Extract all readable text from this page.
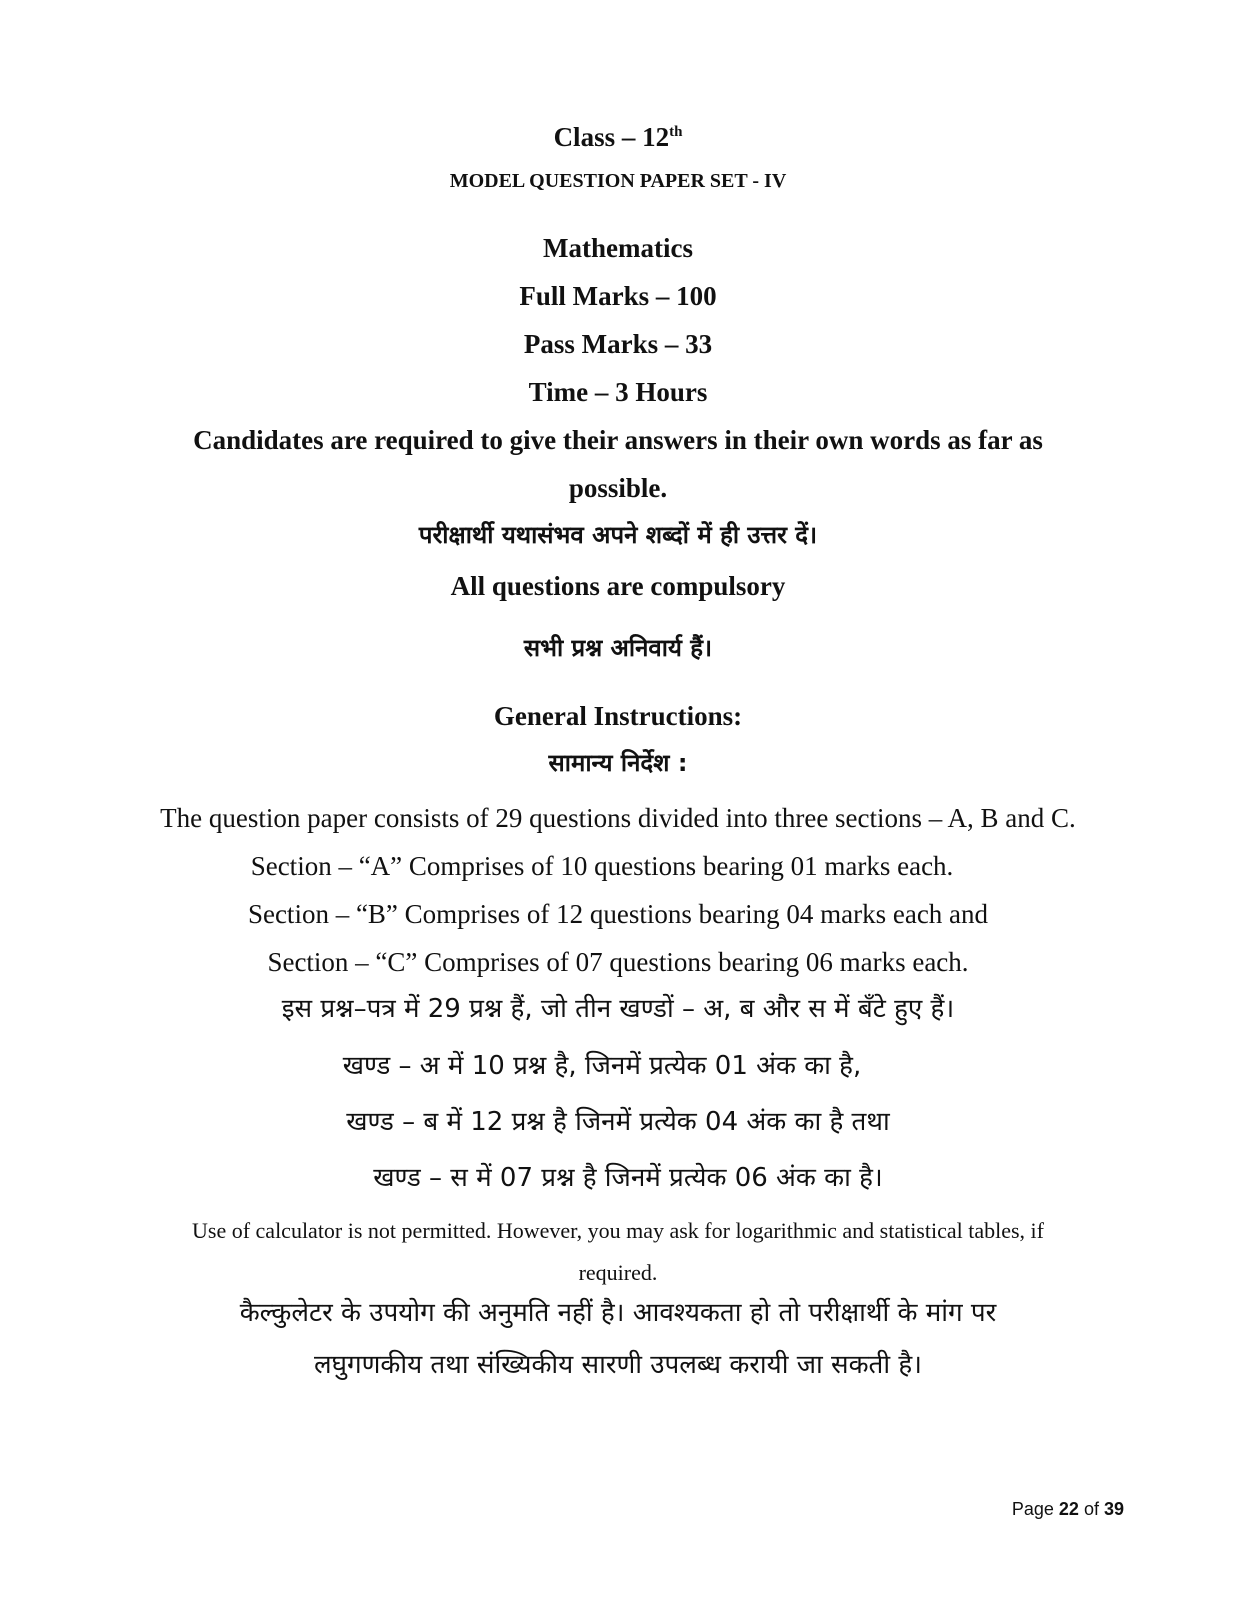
Class – 12th
MODEL QUESTION PAPER SET - IV
Mathematics
Full Marks – 100
Pass Marks – 33
Time – 3 Hours
Candidates are required to give their answers in their own words as far as
possible.
परीक्षार्थी यथासंभव अपने शब्दों में ही उत्तर दें।
All questions are compulsory
सभी प्रश्न अनिवार्य हैं।
General Instructions:
सामान्य निर्देश :
The question paper consists of 29 questions divided into three sections – A, B and C.
Section – “A” Comprises of 10 questions bearing 01 marks each.
Section – “B” Comprises of 12 questions bearing 04 marks each and
Section – “C” Comprises of 07 questions bearing 06 marks each.
इस प्रश्न–पत्र में 29 प्रश्न हैं, जो तीन खण्डों – अ, ब और स में बँटे हुए हैं।
खण्ड – अ में 10 प्रश्न है, जिनमें प्रत्येक 01 अंक का है,
खण्ड – ब में 12 प्रश्न है जिनमें प्रत्येक 04 अंक का है तथा
खण्ड – स में 07 प्रश्न है जिनमें प्रत्येक 06 अंक का है।
Use of calculator is not permitted. However, you may ask for logarithmic and statistical tables, if
required.
कैल्कुलेटर के उपयोग की अनुमति नहीं है। आवश्यकता हो तो परीक्षार्थी के मांग पर
लघुगणकीय तथा संख्यिकीय सारणी उपलब्ध करायी जा सकती है।
Page 22 of 39
